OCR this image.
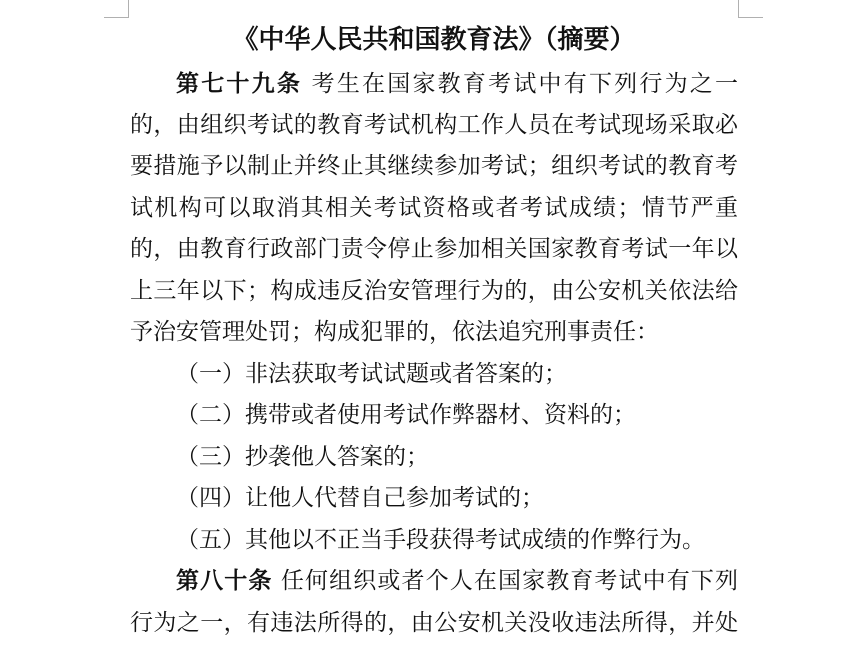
《中华人民共和国教育法》（摘要）
第七十九条 考生在国家教育考试中有下列行为之一
的，由组织考试的教育考试机构工作人员在考试现场采取必
要措施予以制止并终止其继续参加考试；组织考试的教育考
试机构可以取消其相关考试资格或者考试成绩；情节严重
的，由教育行政部门责令停止参加相关国家教育考试一年以
上三年以下；构成违反治安管理行为的，由公安机关依法给
予治安管理处罚；构成犯罪的，依法追究刑事责任：
（一）非法获取考试试题或者答案的；
（二）携带或者使用考试作弊器材、资料的；
（三）抄袭他人答案的；
（四）让他人代替自己参加考试的；
（五）其他以不正当手段获得考试成绩的作弊行为。
第八十条 任何组织或者个人在国家教育考试中有下列
行为之一，有违法所得的，由公安机关没收违法所得，并处
